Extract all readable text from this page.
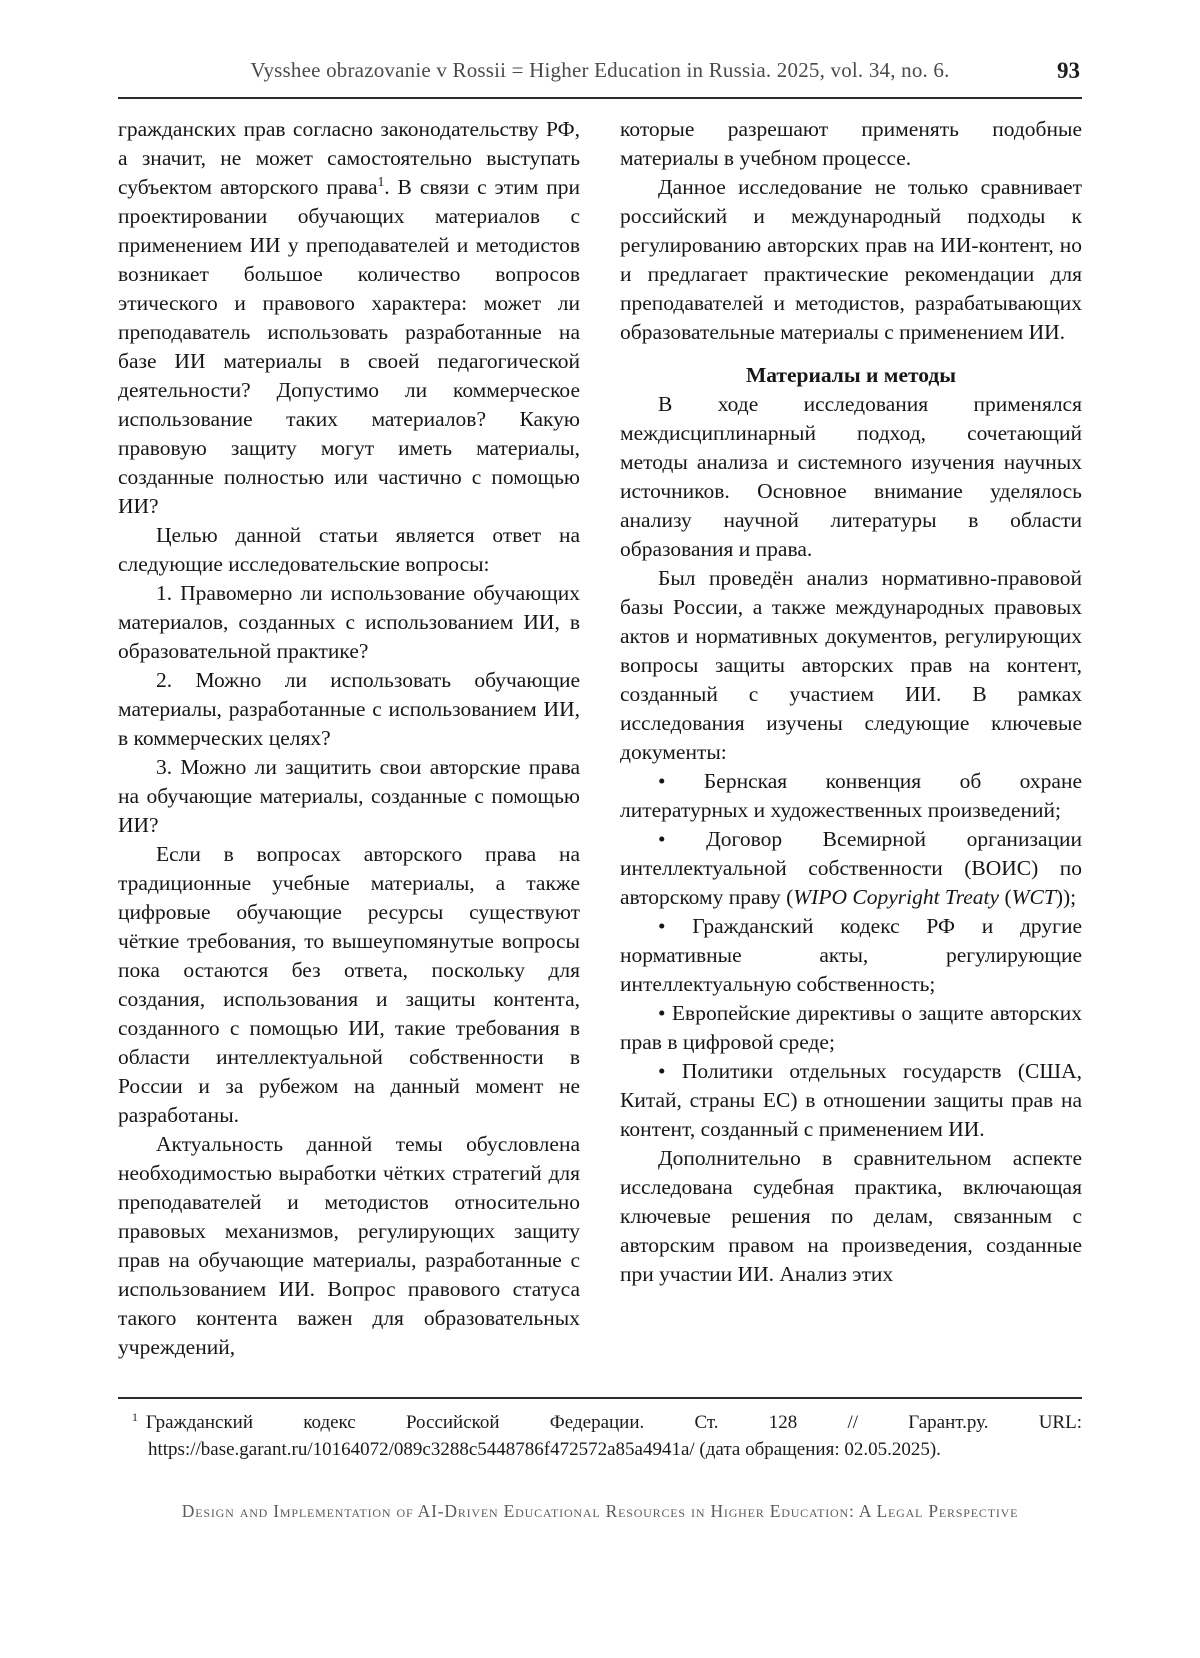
Vysshee obrazovanie v Rossii = Higher Education in Russia. 2025, vol. 34, no. 6.	93

гражданских прав согласно законодательству РФ, а значит, не может самостоятельно выступать субъектом авторского права$^1$. В связи с этим при проектировании обучающих материалов с применением ИИ у преподавателей и методистов возникает большое количество вопросов этического и правового характера: может ли преподаватель использовать разработанные на базе ИИ материалы в своей педагогической деятельности? Допустимо ли коммерческое использование таких материалов? Какую правовую защиту могут иметь материалы, созданные полностью или частично с помощью ИИ?

Целью данной статьи является ответ на следующие исследовательские вопросы:

1. Правомерно ли использование обучающих материалов, созданных с использованием ИИ, в образовательной практике?

2. Можно ли использовать обучающие материалы, разработанные с использованием ИИ, в коммерческих целях?

3. Можно ли защитить свои авторские права на обучающие материалы, созданные с помощью ИИ?

Если в вопросах авторского права на традиционные учебные материалы, а также цифровые обучающие ресурсы существуют чёткие требования, то вышеупомянутые вопросы пока остаются без ответа, поскольку для создания, использования и защиты контента, созданного с помощью ИИ, такие требования в области интеллектуальной собственности в России и за рубежом на данный момент не разработаны.

Актуальность данной темы обусловлена необходимостью выработки чётких стратегий для преподавателей и методистов относительно правовых механизмов, регулирующих защиту прав на обучающие материалы, разработанные с использованием ИИ. Вопрос правового статуса такого контента важен для образовательных учреждений,

которые разрешают применять подобные материалы в учебном процессе.

Данное исследование не только сравнивает российский и международный подходы к регулированию авторских прав на ИИ-контент, но и предлагает практические рекомендации для преподавателей и методистов, разрабатывающих образовательные материалы с применением ИИ.

Материалы и методы

В ходе исследования применялся междисциплинарный подход, сочетающий методы анализа и системного изучения научных источников. Основное внимание уделялось анализу научной литературы в области образования и права.

Был проведён анализ нормативно-правовой базы России, а также международных правовых актов и нормативных документов, регулирующих вопросы защиты авторских прав на контент, созданный с участием ИИ. В рамках исследования изучены следующие ключевые документы:

• Бернская конвенция об охране литературных и художественных произведений;

• Договор Всемирной организации интеллектуальной собственности (ВОИС) по авторскому праву (WIPO Copyright Treaty (WCT));

• Гражданский кодекс РФ и другие нормативные акты, регулирующие интеллектуальную собственность;

• Европейские директивы о защите авторских прав в цифровой среде;

• Политики отдельных государств (США, Китай, страны ЕС) в отношении защиты прав на контент, созданный с применением ИИ.

Дополнительно в сравнительном аспекте исследована судебная практика, включающая ключевые решения по делам, связанным с авторским правом на произведения, созданные при участии ИИ. Анализ этих

$^1$ Гражданский кодекс Российской Федерации. Ст. 128 // Гарант.ру. URL: https://base.garant.ru/10164072/089c3288c5448786f472572a85a4941a/ (дата обращения: 02.05.2025).
Design and Implementation of AI-Driven Educational Resources in Higher Education: A Legal Perspective
